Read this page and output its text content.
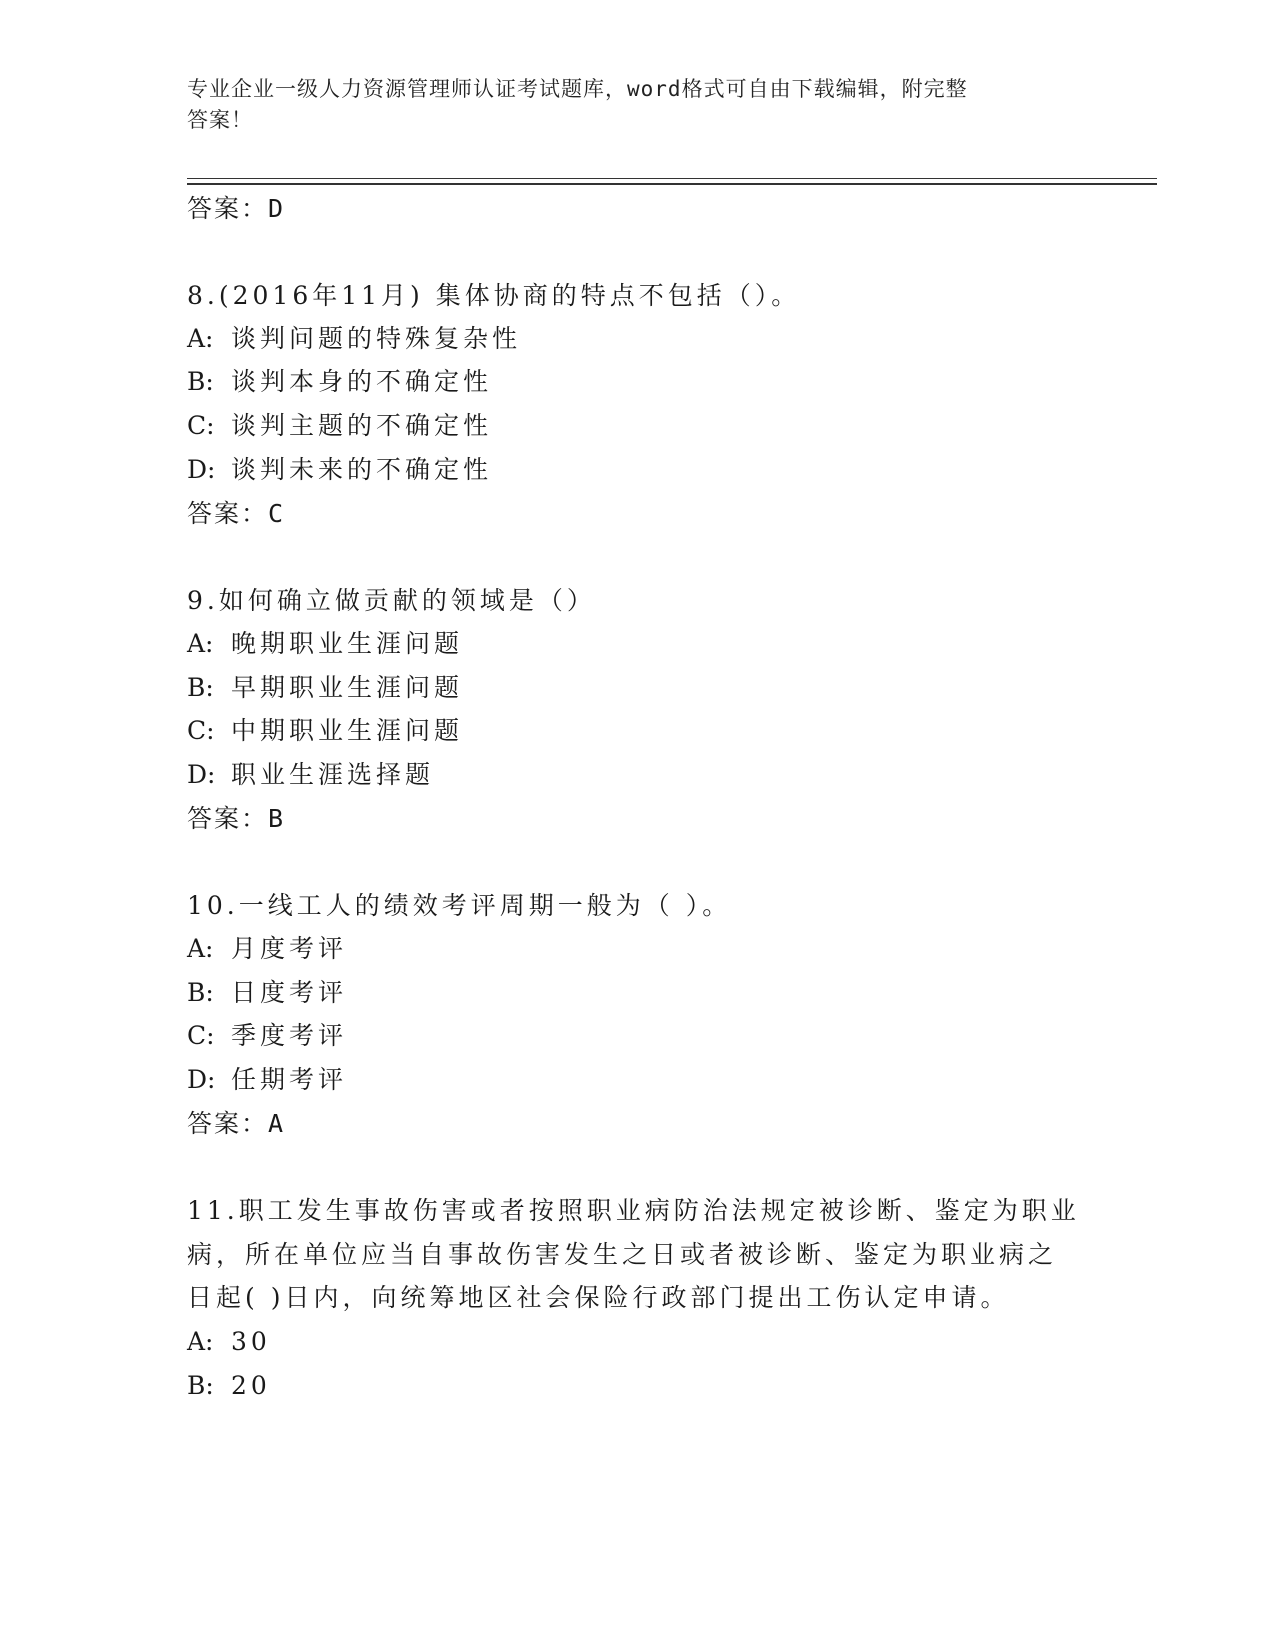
专业企业一级人力资源管理师认证考试题库，word格式可自由下载编辑，附完整
答案！
答案：D
8.(2016年11月) 集体协商的特点不包括（）。
A: 谈判问题的特殊复杂性
B: 谈判本身的不确定性
C: 谈判主题的不确定性
D: 谈判未来的不确定性
答案：C
9.如何确立做贡献的领域是（）
A: 晚期职业生涯问题
B: 早期职业生涯问题
C: 中期职业生涯问题
D: 职业生涯选择题
答案：B
10.一线工人的绩效考评周期一般为（ ）。
A: 月度考评
B: 日度考评
C: 季度考评
D: 任期考评
答案：A
11.职工发生事故伤害或者按照职业病防治法规定被诊断、鉴定为职业
病，所在单位应当自事故伤害发生之日或者被诊断、鉴定为职业病之
日起( )日内，向统筹地区社会保险行政部门提出工伤认定申请。
A: 30
B: 20
